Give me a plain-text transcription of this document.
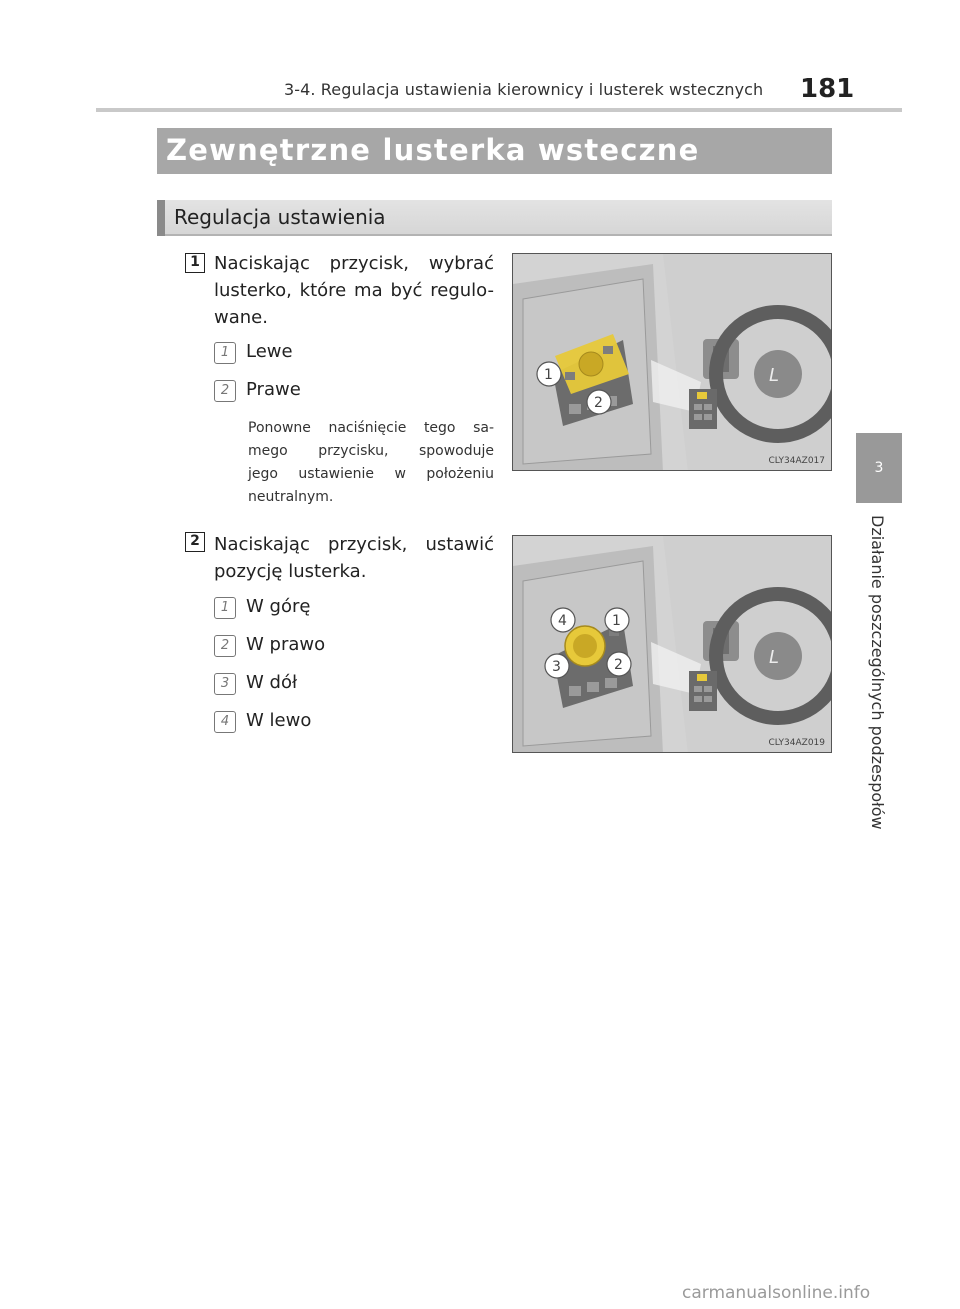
3-4. Regulacja ustawienia kierownicy i lusterek wstecznych 181
3
Działanie poszczególnych podzespołów
Zewnętrzne lusterka wsteczne
Regulacja ustawienia
1 Naciskając przycisk, wybrać
lusterko, które ma być regulo-
wane.
1 Lewe
2 Prawe
Ponowne naciśnięcie tego sa-
mego przycisku, spowoduje
jego ustawienie w położeniu
neutralnym.
L
1
2
CLY34AZ017
2 Naciskając przycisk, ustawić
pozycję lusterka.
1 W górę
2 W prawo
3 W dół
4 W lewo
L
4	1
3	2
CLY34AZ019
carmanualsonline.info
